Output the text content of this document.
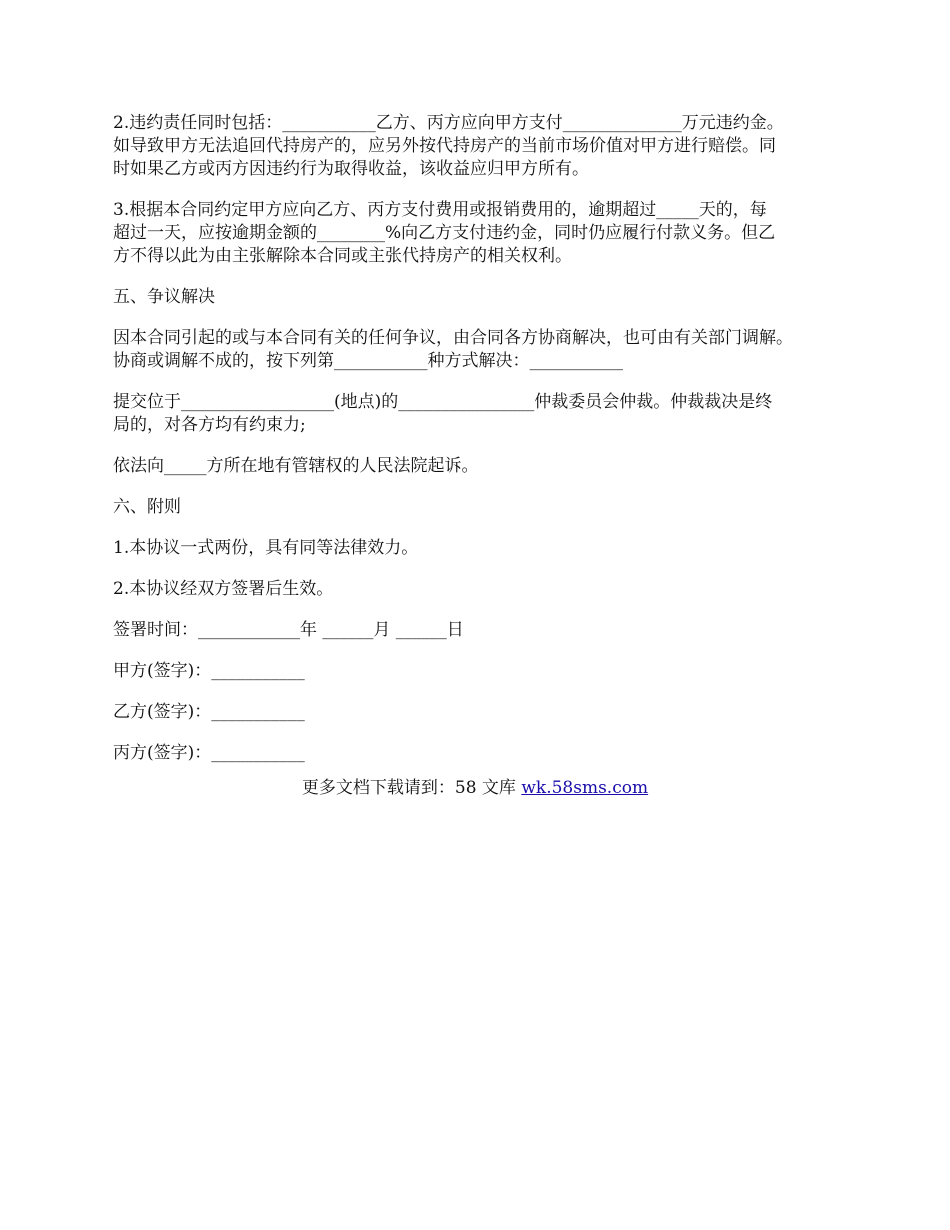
2.违约责任同时包括：___________乙方、丙方应向甲方支付______________万元违约金。
如导致甲方无法追回代持房产的，应另外按代持房产的当前市场价值对甲方进行赔偿。同
时如果乙方或丙方因违约行为取得收益，该收益应归甲方所有。
3.根据本合同约定甲方应向乙方、丙方支付费用或报销费用的，逾期超过_____天的，每
超过一天，应按逾期金额的________%向乙方支付违约金，同时仍应履行付款义务。但乙
方不得以此为由主张解除本合同或主张代持房产的相关权利。
五、争议解决
因本合同引起的或与本合同有关的任何争议，由合同各方协商解决，也可由有关部门调解。
协商或调解不成的，按下列第___________种方式解决：___________
提交位于__________________(地点)的________________仲裁委员会仲裁。仲裁裁决是终
局的，对各方均有约束力;
依法向_____方所在地有管辖权的人民法院起诉。
六、附则
1.本协议一式两份，具有同等法律效力。
2.本协议经双方签署后生效。
签署时间：____________年 ______月 ______日
甲方(签字)：___________
乙方(签字)：___________
丙方(签字)：___________
更多文档下载请到：58 文库 wk.58sms.com
